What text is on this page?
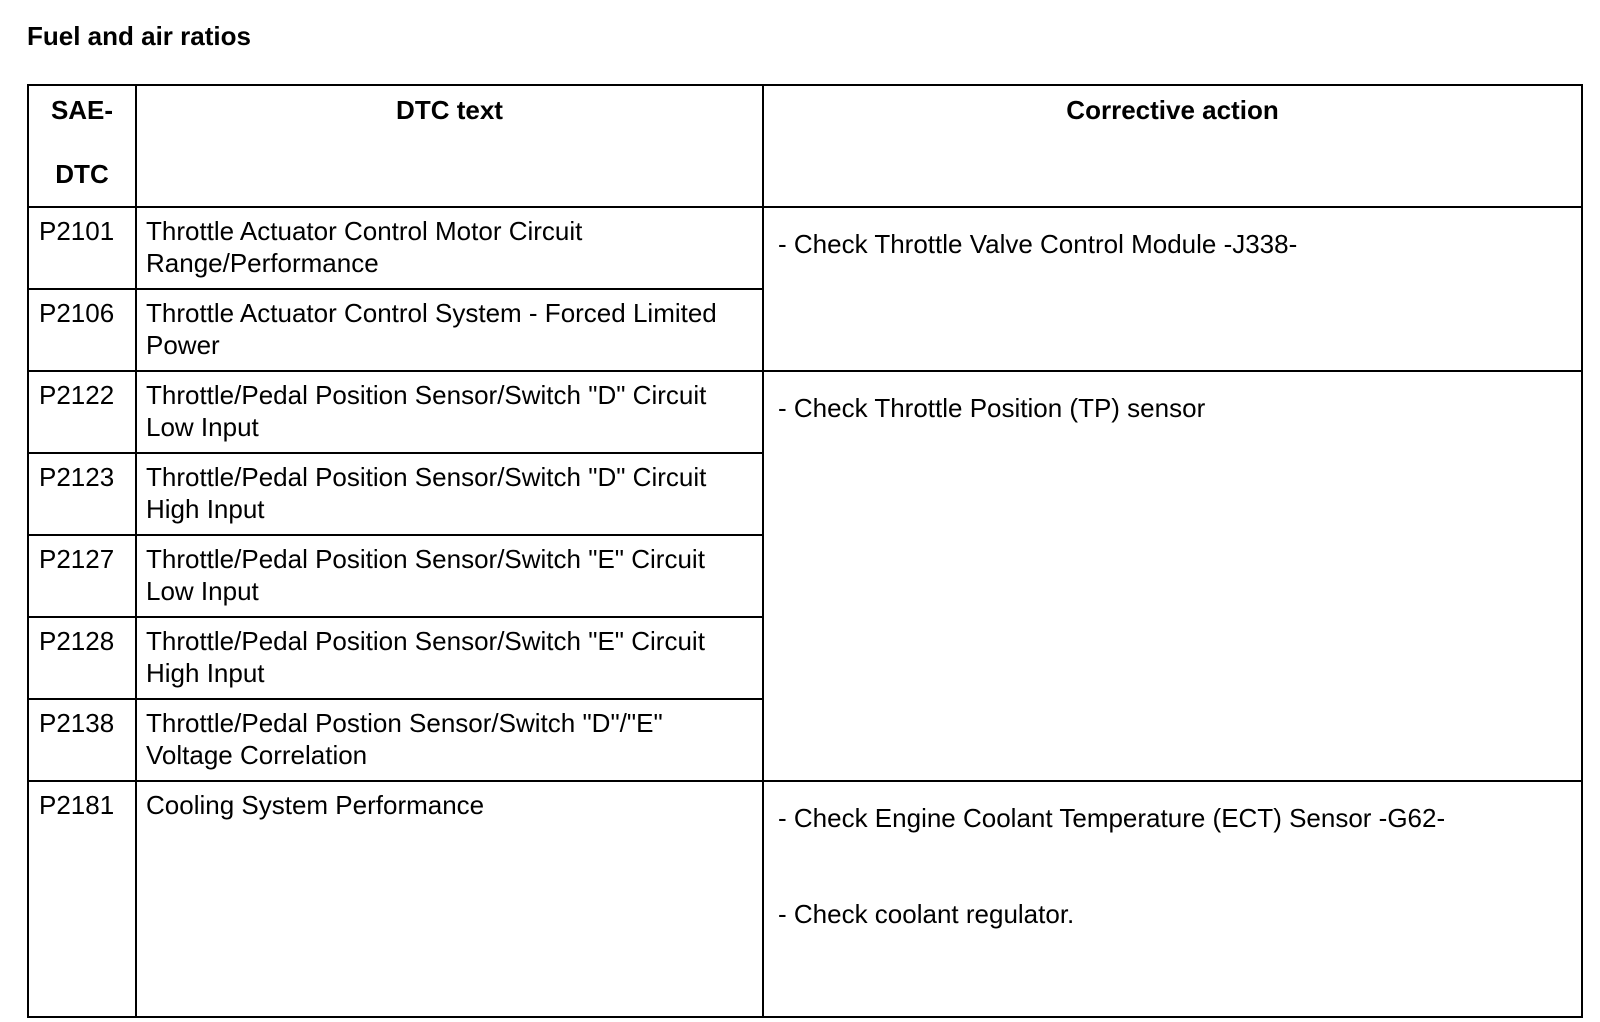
Fuel and air ratios
SAE-
DTC	DTC text	Corrective action

P2101	Throttle Actuator Control Motor Circuit Range/Performance	- Check Throttle Valve Control Module -J338-

P2106	Throttle Actuator Control System - Forced Limited Power	

P2122	Throttle/Pedal Position Sensor/Switch "D" Circuit Low Input	- Check Throttle Position (TP) sensor

P2123	Throttle/Pedal Position Sensor/Switch "D" Circuit High Input	

P2127	Throttle/Pedal Position Sensor/Switch "E" Circuit Low Input	

P2128	Throttle/Pedal Position Sensor/Switch "E" Circuit High Input	

P2138	Throttle/Pedal Postion Sensor/Switch "D"/"E" Voltage Correlation	

P2181	Cooling System Performance	- Check Engine Coolant Temperature (ECT) Sensor -G62-
- Check coolant regulator.
